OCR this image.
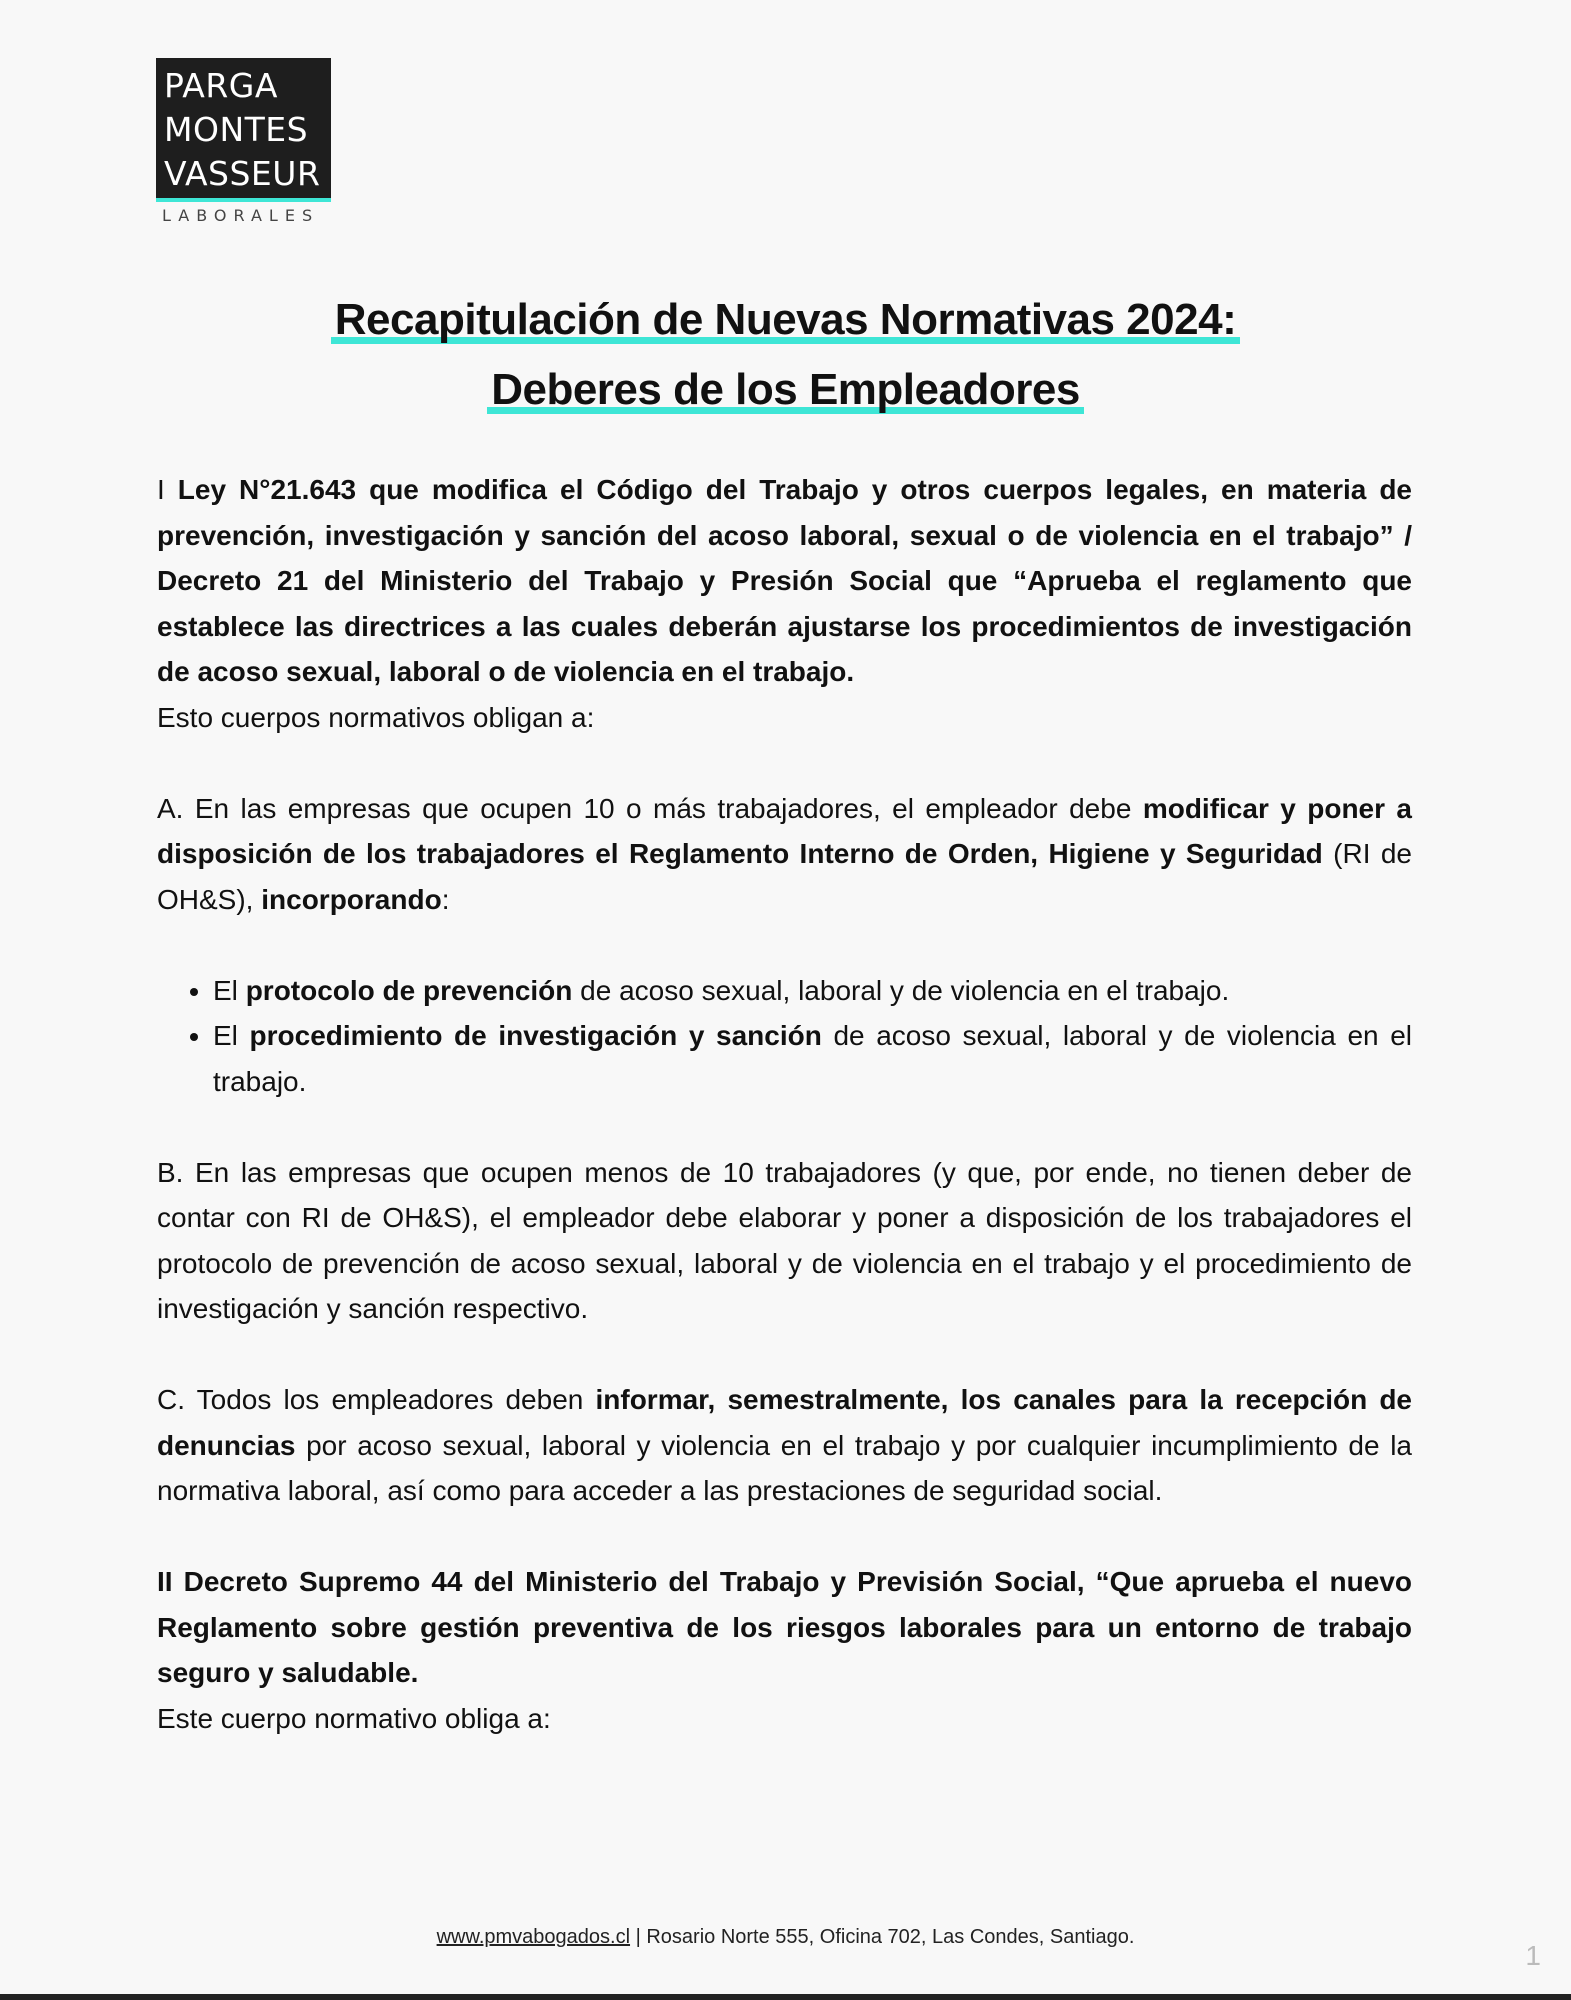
PARGA
MONTES
VASSEUR
LABORALES
Recapitulación de Nuevas Normativas 2024:
Deberes de los Empleadores

I Ley N°21.643 que modifica el Código del Trabajo y otros cuerpos legales, en materia de prevención, investigación y sanción del acoso laboral, sexual o de violencia en el trabajo” / Decreto 21 del Ministerio del Trabajo y Presión Social que “Aprueba el reglamento que establece las directrices a las cuales deberán ajustarse los procedimientos de investigación de acoso sexual, laboral o de violencia en el trabajo.

Esto cuerpos normativos obligan a:

A. En las empresas que ocupen 10 o más trabajadores, el empleador debe modificar y poner a disposición de los trabajadores el Reglamento Interno de Orden, Higiene y Seguridad (RI de OH&S), incorporando:

• El protocolo de prevención de acoso sexual, laboral y de violencia en el trabajo.
• El procedimiento de investigación y sanción de acoso sexual, laboral y de violencia en el trabajo.

B. En las empresas que ocupen menos de 10 trabajadores (y que, por ende, no tienen deber de contar con RI de OH&S), el empleador debe elaborar y poner a disposición de los trabajadores el protocolo de prevención de acoso sexual, laboral y de violencia en el trabajo y el procedimiento de investigación y sanción respectivo.

C. Todos los empleadores deben informar, semestralmente, los canales para la recepción de denuncias por acoso sexual, laboral y violencia en el trabajo y por cualquier incumplimiento de la normativa laboral, así como para acceder a las prestaciones de seguridad social.

II Decreto Supremo 44 del Ministerio del Trabajo y Previsión Social, “Que aprueba el nuevo Reglamento sobre gestión preventiva de los riesgos laborales para un entorno de trabajo seguro y saludable.

Este cuerpo normativo obliga a:

www.pmvabogados.cl | Rosario Norte 555, Oficina 702, Las Condes, Santiago.
1
